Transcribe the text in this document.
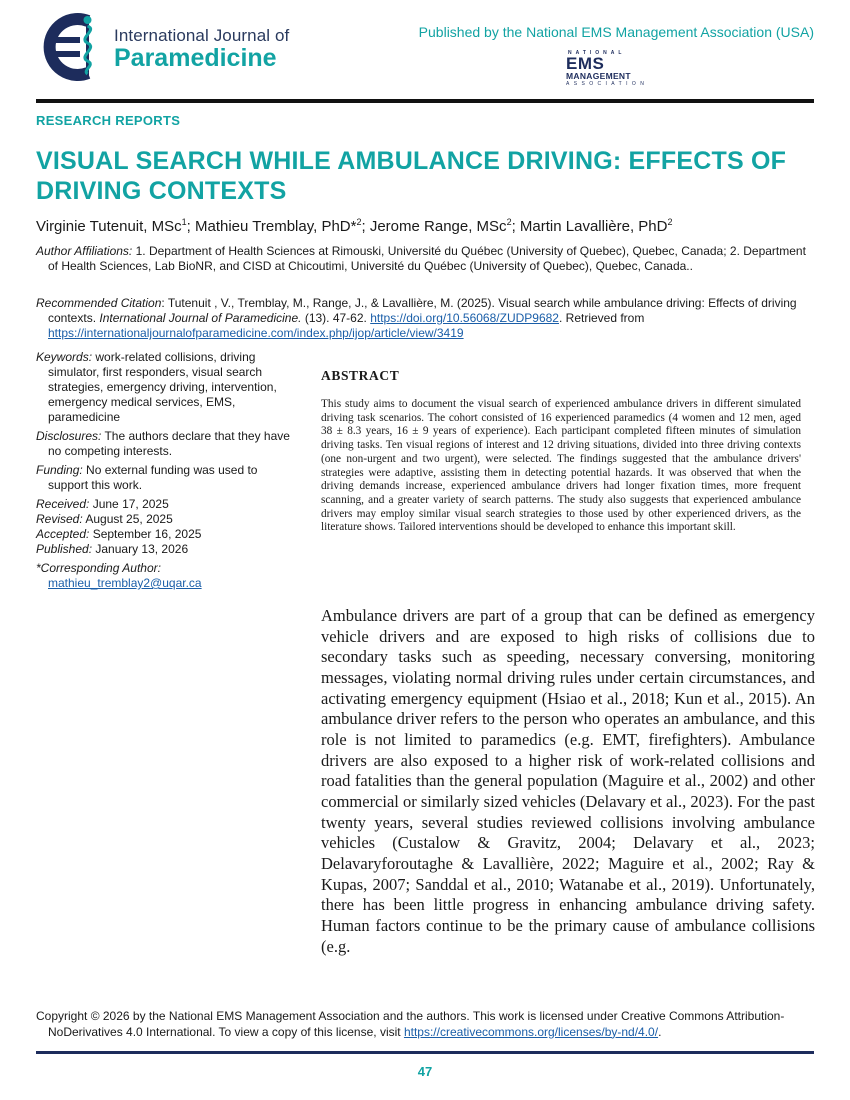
International Journal of
Paramedicine
Published by the National EMS Management Association (USA)
NATIONAL
EMS
MANAGEMENT
ASSOCIATION
RESEARCH REPORTS
VISUAL SEARCH WHILE AMBULANCE DRIVING: EFFECTS OF DRIVING CONTEXTS
Virginie Tutenuit, MSc$^1$; Mathieu Tremblay, PhD*$^2$; Jerome Range, MSc$^2$; Martin Lavallière, PhD$^2$
Author Affiliations: 1. Department of Health Sciences at Rimouski, Université du Québec (University of Quebec), Quebec, Canada; 2. Department of Health Sciences, Lab BioNR, and CISD at Chicoutimi, Université du Québec (University of Quebec), Quebec, Canada..
Recommended Citation: Tutenuit , V., Tremblay, M., Range, J., & Lavallière, M. (2025). Visual search while ambulance driving: Effects of driving contexts. International Journal of Paramedicine. (13). 47-62. https://doi.org/10.56068/ZUDP9682. Retrieved from https://internationaljournalofparamedicine.com/index.php/ijop/article/view/3419
Keywords: work-related collisions, driving simulator, first responders, visual search strategies, emergency driving, intervention, emergency medical services, EMS, paramedicine
Disclosures: The authors declare that they have no competing interests.
Funding: No external funding was used to support this work.
Received: June 17, 2025
Revised: August 25, 2025
Accepted: September 16, 2025
Published: January 13, 2026
*Corresponding Author: mathieu_tremblay2@uqar.ca
ABSTRACT
This study aims to document the visual search of experienced ambulance drivers in different simulated driving task scenarios. The cohort consisted of 16 experienced paramedics (4 women and 12 men, aged 38 ± 8.3 years, 16 ± 9 years of experience). Each participant completed fifteen minutes of simulation driving tasks. Ten visual regions of interest and 12 driving situations, divided into three driving contexts (one non-urgent and two urgent), were selected. The findings suggested that the ambulance drivers' strategies were adaptive, assisting them in detecting potential hazards. It was observed that when the driving demands increase, experienced ambulance drivers had longer fixation times, more frequent scanning, and a greater variety of search patterns. The study also suggests that experienced ambulance drivers may employ similar visual search strategies to those used by other experienced drivers, as the literature shows. Tailored interventions should be developed to enhance this important skill.
Ambulance drivers are part of a group that can be defined as emergency vehicle drivers and are exposed to high risks of collisions due to secondary tasks such as speeding, necessary conversing, monitoring messages, violating normal driving rules under certain circumstances, and activating emergency equipment (Hsiao et al., 2018; Kun et al., 2015). An ambulance driver refers to the person who operates an ambulance, and this role is not limited to paramedics (e.g. EMT, firefighters). Ambulance drivers are also exposed to a higher risk of work-related collisions and road fatalities than the general population (Maguire et al., 2002) and other commercial or similarly sized vehicles (Delavary et al., 2023). For the past twenty years, several studies reviewed collisions involving ambulance vehicles (Custalow & Gravitz, 2004; Delavary et al., 2023; Delavaryforoutaghe & Lavallière, 2022; Maguire et al., 2002; Ray & Kupas, 2007; Sanddal et al., 2010; Watanabe et al., 2019). Unfortunately, there has been little progress in enhancing ambulance driving safety. Human factors continue to be the primary cause of ambulance collisions (e.g.
Copyright © 2026 by the National EMS Management Association and the authors. This work is licensed under Creative Commons Attribution-NoDerivatives 4.0 International. To view a copy of this license, visit https://creativecommons.org/licenses/by-nd/4.0/.
47
